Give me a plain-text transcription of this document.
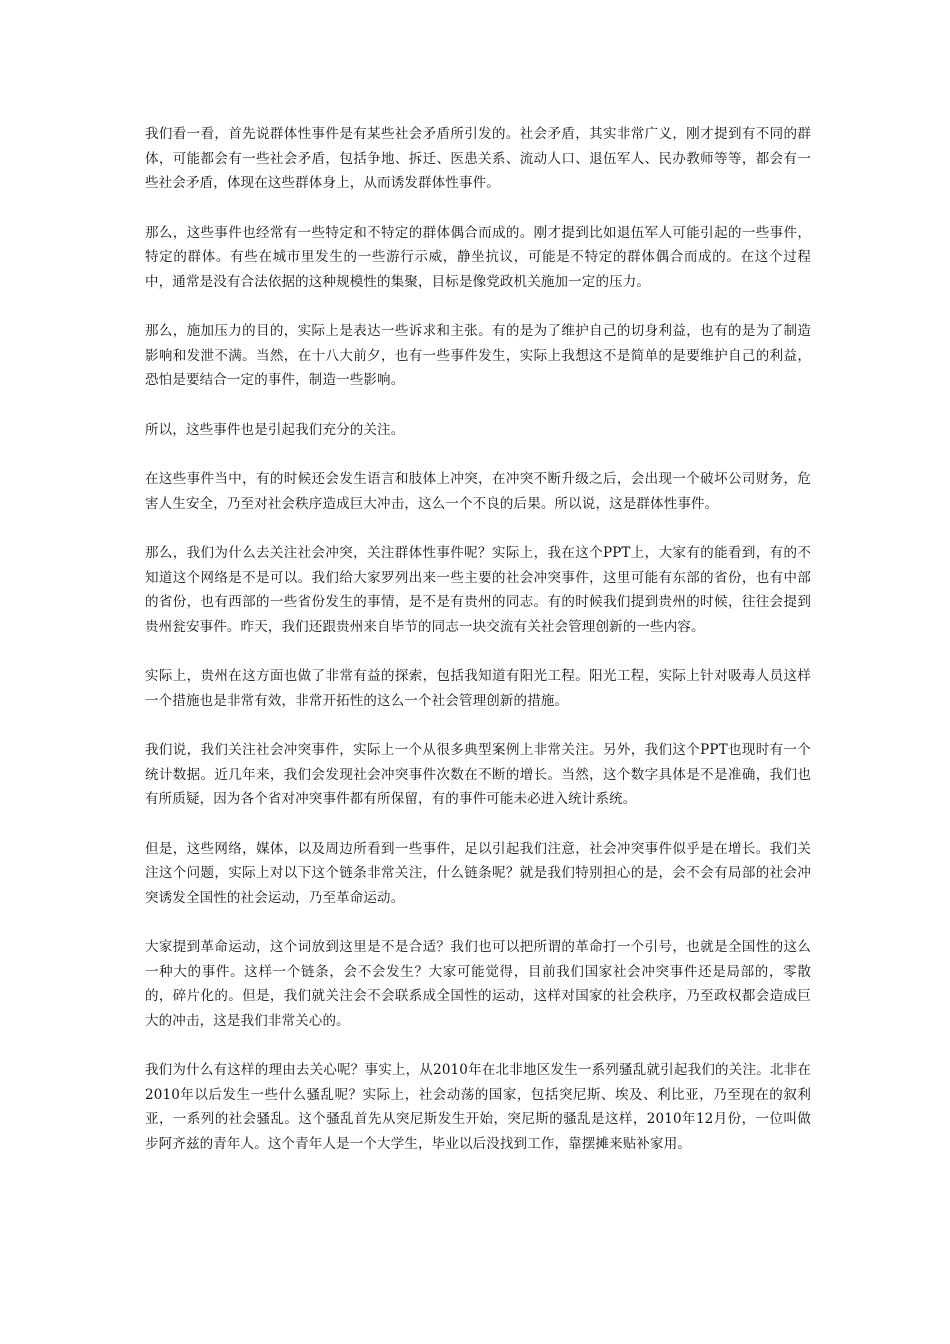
我们看一看，首先说群体性事件是有某些社会矛盾所引发的。社会矛盾，其实非常广义，刚才提到有不同的群体，可能都会有一些社会矛盾，包括争地、拆迁、医患关系、流动人口、退伍军人、民办教师等等，都会有一些社会矛盾，体现在这些群体身上，从而诱发群体性事件。

那么，这些事件也经常有一些特定和不特定的群体偶合而成的。刚才提到比如退伍军人可能引起的一些事件，特定的群体。有些在城市里发生的一些游行示威，静坐抗议，可能是不特定的群体偶合而成的。在这个过程中，通常是没有合法依据的这种规模性的集聚，目标是像党政机关施加一定的压力。

那么，施加压力的目的，实际上是表达一些诉求和主张。有的是为了维护自己的切身利益，也有的是为了制造影响和发泄不满。当然，在十八大前夕，也有一些事件发生，实际上我想这不是简单的是要维护自己的利益，恐怕是要结合一定的事件，制造一些影响。

所以，这些事件也是引起我们充分的关注。

在这些事件当中，有的时候还会发生语言和肢体上冲突，在冲突不断升级之后，会出现一个破坏公司财务，危害人生安全，乃至对社会秩序造成巨大冲击，这么一个不良的后果。所以说，这是群体性事件。

那么，我们为什么去关注社会冲突，关注群体性事件呢？实际上，我在这个PPT上，大家有的能看到，有的不知道这个网络是不是可以。我们给大家罗列出来一些主要的社会冲突事件，这里可能有东部的省份，也有中部的省份，也有西部的一些省份发生的事情，是不是有贵州的同志。有的时候我们提到贵州的时候，往往会提到贵州瓮安事件。昨天，我们还跟贵州来自毕节的同志一块交流有关社会管理创新的一些内容。

实际上，贵州在这方面也做了非常有益的探索，包括我知道有阳光工程。阳光工程，实际上针对吸毒人员这样一个措施也是非常有效，非常开拓性的这么一个社会管理创新的措施。

我们说，我们关注社会冲突事件，实际上一个从很多典型案例上非常关注。另外，我们这个PPT也现时有一个统计数据。近几年来，我们会发现社会冲突事件次数在不断的增长。当然，这个数字具体是不是准确，我们也有所质疑，因为各个省对冲突事件都有所保留，有的事件可能未必进入统计系统。

但是，这些网络，媒体，以及周边所看到一些事件，足以引起我们注意，社会冲突事件似乎是在增长。我们关注这个问题，实际上对以下这个链条非常关注，什么链条呢？就是我们特别担心的是，会不会有局部的社会冲突诱发全国性的社会运动，乃至革命运动。

大家提到革命运动，这个词放到这里是不是合适？我们也可以把所谓的革命打一个引号，也就是全国性的这么一种大的事件。这样一个链条，会不会发生？大家可能觉得，目前我们国家社会冲突事件还是局部的，零散的，碎片化的。但是，我们就关注会不会联系成全国性的运动，这样对国家的社会秩序，乃至政权都会造成巨大的冲击，这是我们非常关心的。

我们为什么有这样的理由去关心呢？事实上，从2010年在北非地区发生一系列骚乱就引起我们的关注。北非在2010年以后发生一些什么骚乱呢？实际上，社会动荡的国家，包括突尼斯、埃及、利比亚，乃至现在的叙利亚，一系列的社会骚乱。这个骚乱首先从突尼斯发生开始，突尼斯的骚乱是这样，2010年12月份，一位叫做步阿齐兹的青年人。这个青年人是一个大学生，毕业以后没找到工作，靠摆摊来贴补家用。
